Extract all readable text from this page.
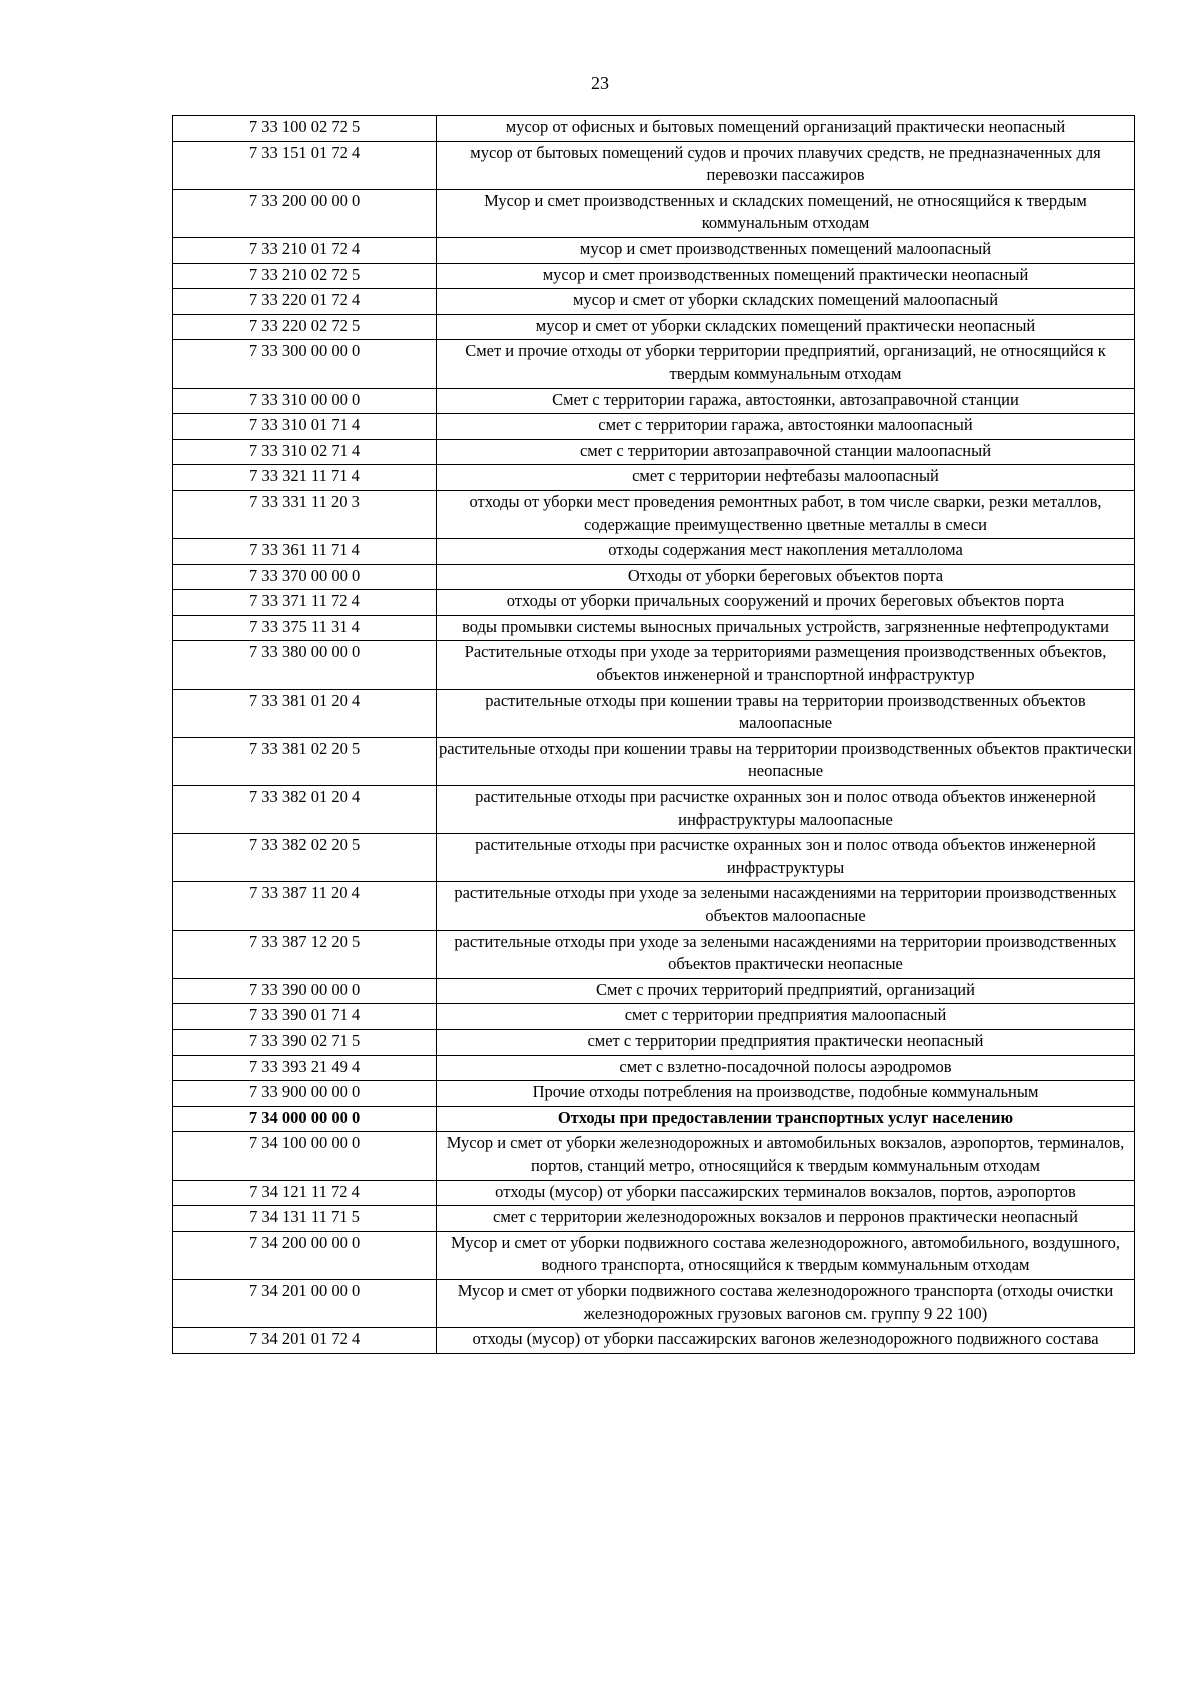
23
7 33 100 02 72 5	мусор от офисных и бытовых помещений организаций практически неопасный
7 33 151 01 72 4	мусор от бытовых помещений судов и прочих плавучих средств, не предназначенных для перевозки пассажиров
7 33 200 00 00 0	Мусор и смет производственных и складских помещений, не относящийся к твердым коммунальным отходам
7 33 210 01 72 4	мусор и смет производственных помещений малоопасный
7 33 210 02 72 5	мусор и смет производственных помещений практически неопасный
7 33 220 01 72 4	мусор и смет от уборки складских помещений малоопасный
7 33 220 02 72 5	мусор и смет от уборки складских помещений практически неопасный
7 33 300 00 00 0	Смет и прочие отходы от уборки территории предприятий, организаций, не относящийся к твердым коммунальным отходам
7 33 310 00 00 0	Смет с территории гаража, автостоянки, автозаправочной станции
7 33 310 01 71 4	смет с территории гаража, автостоянки малоопасный
7 33 310 02 71 4	смет с территории автозаправочной станции малоопасный
7 33 321 11 71 4	смет с территории нефтебазы малоопасный
7 33 331 11 20 3	отходы от уборки мест проведения ремонтных работ, в том числе сварки, резки металлов, содержащие преимущественно цветные металлы в смеси
7 33 361 11 71 4	отходы содержания мест накопления металлолома
7 33 370 00 00 0	Отходы от уборки береговых объектов порта
7 33 371 11 72 4	отходы от уборки причальных сооружений и прочих береговых объектов порта
7 33 375 11 31 4	воды промывки системы выносных причальных устройств, загрязненные нефтепродуктами
7 33 380 00 00 0	Растительные отходы при уходе за территориями размещения производственных объектов, объектов инженерной и транспортной инфраструктур
7 33 381 01 20 4	растительные отходы при кошении травы на территории производственных объектов малоопасные
7 33 381 02 20 5	растительные отходы при кошении травы на территории производственных объектов практически неопасные
7 33 382 01 20 4	растительные отходы при расчистке охранных зон и полос отвода объектов инженерной инфраструктуры малоопасные
7 33 382 02 20 5	растительные отходы при расчистке охранных зон и полос отвода объектов инженерной инфраструктуры
7 33 387 11 20 4	растительные отходы при уходе за зелеными насаждениями на территории производственных объектов малоопасные
7 33 387 12 20 5	растительные отходы при уходе за зелеными насаждениями на территории производственных объектов практически неопасные
7 33 390 00 00 0	Смет с прочих территорий предприятий, организаций
7 33 390 01 71 4	смет с территории предприятия малоопасный
7 33 390 02 71 5	смет с территории предприятия практически неопасный
7 33 393 21 49 4	смет с взлетно-посадочной полосы аэродромов
7 33 900 00 00 0	Прочие отходы потребления на производстве, подобные коммунальным
7 34 000 00 00 0	Отходы при предоставлении транспортных услуг населению
7 34 100 00 00 0	Мусор и смет от уборки железнодорожных и автомобильных вокзалов, аэропортов, терминалов, портов, станций метро, относящийся к твердым коммунальным отходам
7 34 121 11 72 4	отходы (мусор) от уборки пассажирских терминалов вокзалов, портов, аэропортов
7 34 131 11 71 5	смет с территории железнодорожных вокзалов и перронов практически неопасный
7 34 200 00 00 0	Мусор и смет от уборки подвижного состава железнодорожного, автомобильного, воздушного, водного транспорта, относящийся к твердым коммунальным отходам
7 34 201 00 00 0	Мусор и смет от уборки подвижного состава железнодорожного транспорта (отходы очистки железнодорожных грузовых вагонов см. группу 9 22 100)
7 34 201 01 72 4	отходы (мусор) от уборки пассажирских вагонов железнодорожного подвижного состава
